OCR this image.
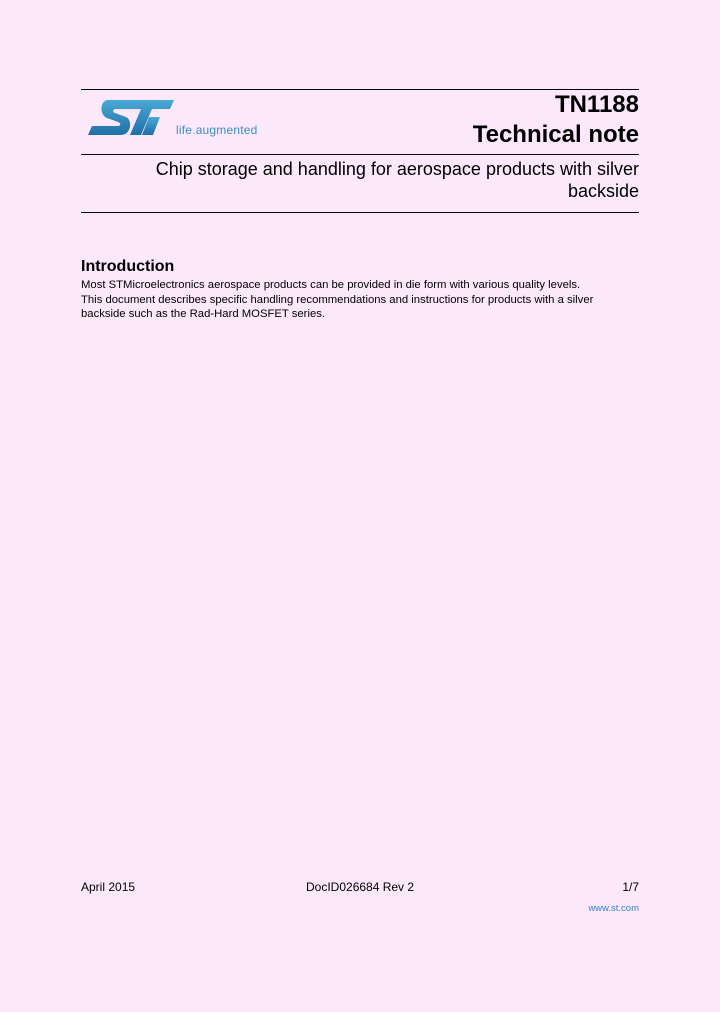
life.augmented
TN1188
Technical note
Chip storage and handling for aerospace products with silver backside
Introduction

Most STMicroelectronics aerospace products can be provided in die form with various quality levels.

This document describes specific handling recommendations and instructions for products with a silver backside such as the Rad-Hard MOSFET series.

April 2015	DocID026684 Rev 2	1/7
www.st.com
